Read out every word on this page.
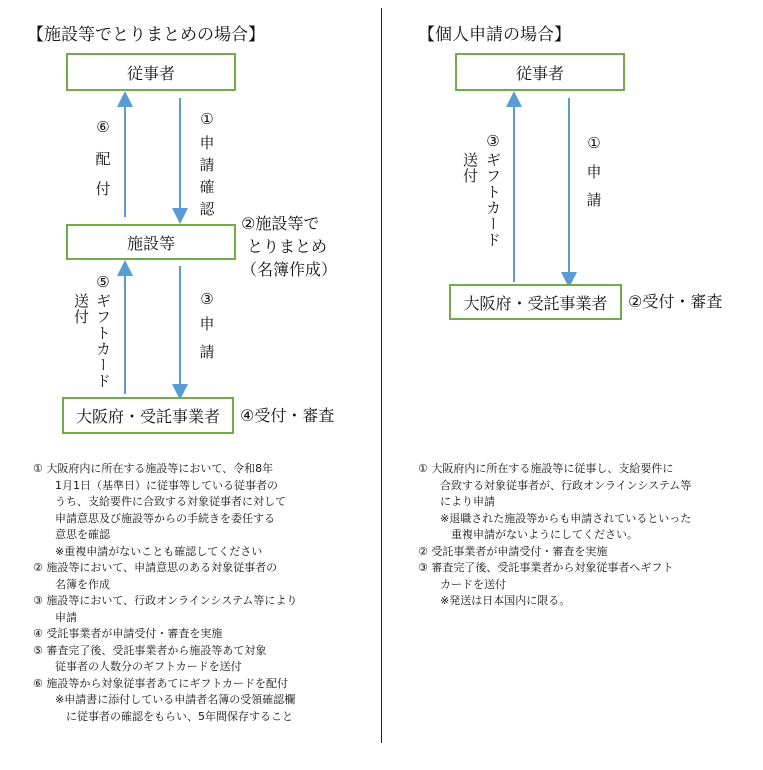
【施設等でとりまとめの場合】
従事者
施設等
大阪府・受託事業者
⑥
配付
①
申請確認
②施設等で
とりまとめ
（名簿作成）
⑤
ギフトカード
送付	③
申請
④受付・審査
① 大阪府内に所在する施設等において、令和8年
　　1月1日（基準日）に従事等している従事者の
　　うち、支給要件に合致する対象従事者に対して
　　申請意思及び施設等からの手続きを委任する
　　意思を確認
　　※重複申請がないことも確認してください
② 施設等において、申請意思のある対象従事者の
　　名簿を作成
③ 施設等において、行政オンラインシステム等により
　　申請
④ 受託事業者が申請受付・審査を実施
⑤ 審査完了後、受託事業者から施設等あて対象
　　従事者の人数分のギフトカードを送付
⑥ 施設等から対象従事者あてにギフトカードを配付
　　※申請書に添付している申請者名簿の受領確認欄
　　　に従事者の確認をもらい、5年間保存すること
【個人申請の場合】
従事者
大阪府・受託事業者
③
ギフトカード
送付
①
申請
②受付・審査
① 大阪府内に所在する施設等に従事し、支給要件に
　　合致する対象従事者が、行政オンラインシステム等
　　により申請
　　※退職された施設等からも申請されているといった
　　　重複申請がないようにしてください。
② 受託事業者が申請受付・審査を実施
③ 審査完了後、受託事業者から対象従事者へギフト
　　カードを送付
　　※発送は日本国内に限る。
